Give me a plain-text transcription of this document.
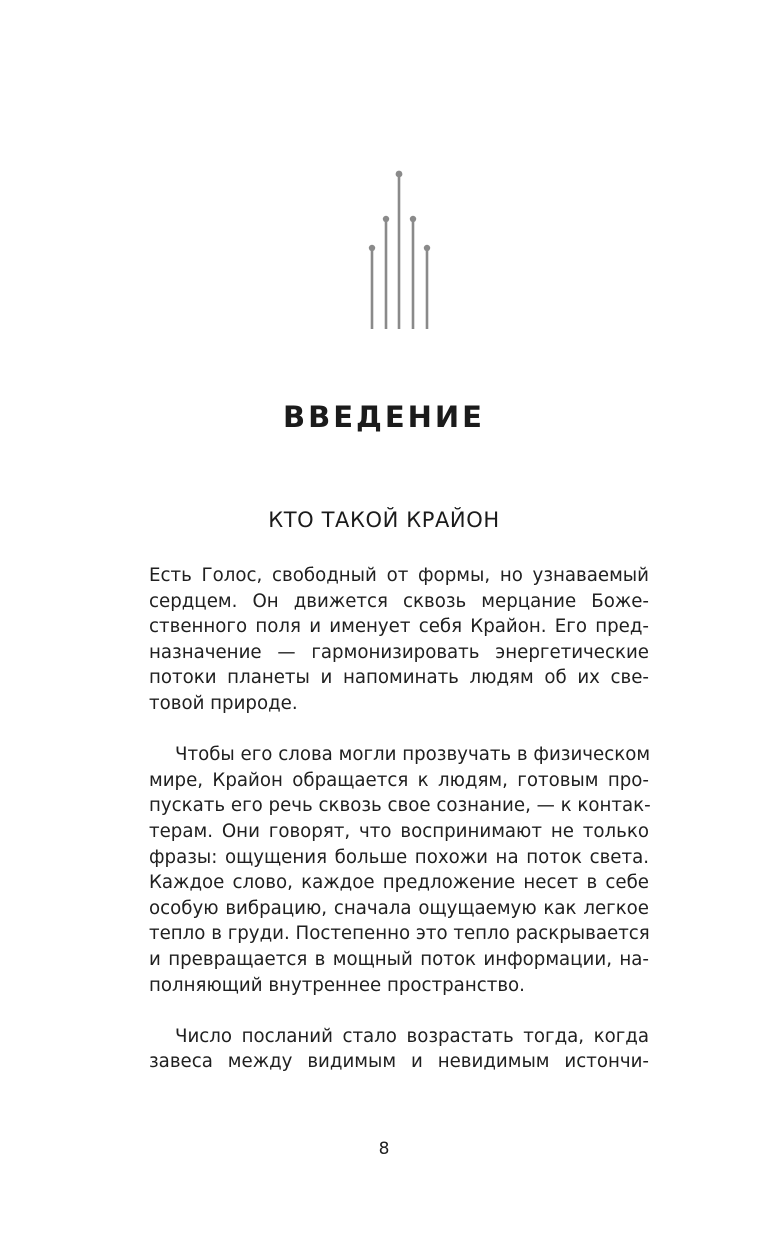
ВВЕДЕНИЕ
КТО ТАКОЙ КРАЙОН
Есть Голос, свободный от формы, но узнаваемый
сердцем. Он движется сквозь мерцание Боже-
ственного поля и именует себя Крайон. Его пред-
назначение — гармонизировать энергетические
потоки планеты и напоминать людям об их све-
товой природе.
Чтобы его слова могли прозвучать в физическом
мире, Крайон обращается к людям, готовым про-
пускать его речь сквозь свое сознание, — к контак-
терам. Они говорят, что воспринимают не только
фразы: ощущения больше похожи на поток света.
Каждое слово, каждое предложение несет в себе
особую вибрацию, сначала ощущаемую как легкое
тепло в груди. Постепенно это тепло раскрывается
и превращается в мощный поток информации, на-
полняющий внутреннее пространство.
Число посланий стало возрастать тогда, когда
завеса между видимым и невидимым истончи-
8
